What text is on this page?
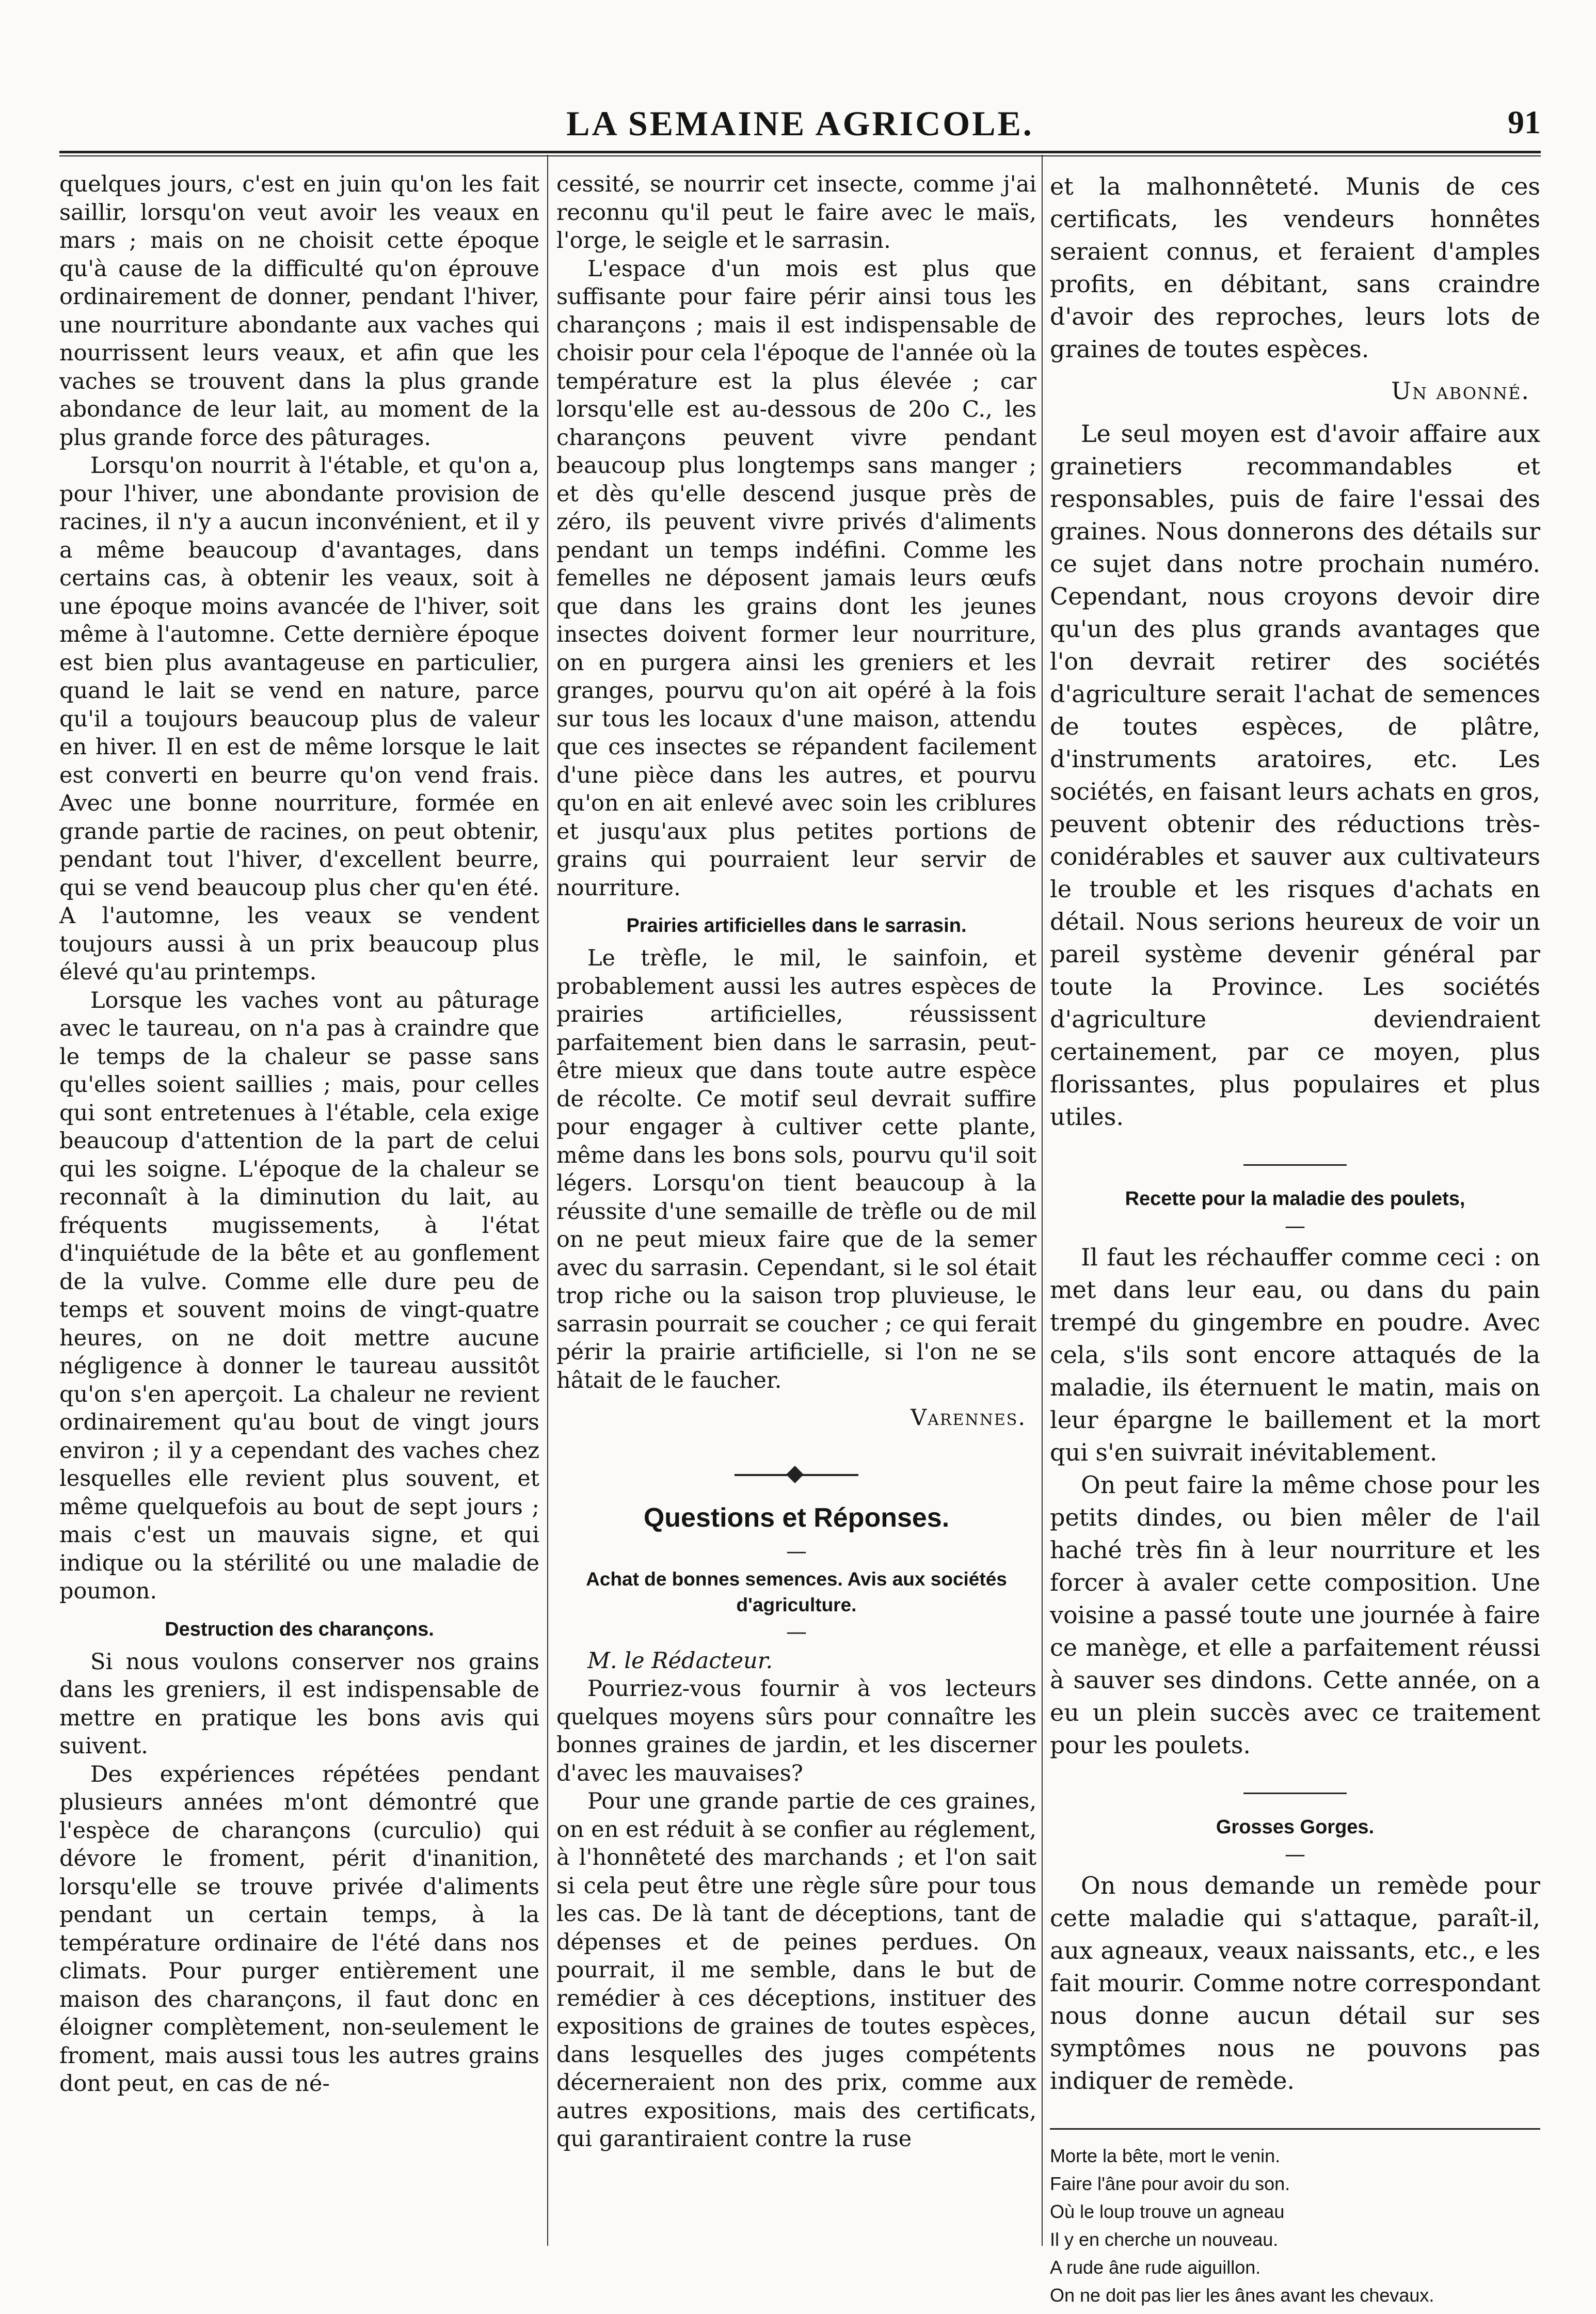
LA SEMAINE AGRICOLE.	91

quelques jours, c'est en juin qu'on les fait saillir, lorsqu'on veut avoir les veaux en mars ; mais on ne choisit cette époque qu'à cause de la difficulté qu'on éprouve ordinairement de donner, pendant l'hiver, une nourriture abondante aux vaches qui nourrissent leurs veaux, et afin que les vaches se trouvent dans la plus grande abondance de leur lait, au moment de la plus grande force des pâturages.

Lorsqu'on nourrit à l'étable, et qu'on a, pour l'hiver, une abondante provision de racines, il n'y a aucun inconvénient, et il y a même beaucoup d'avantages, dans certains cas, à obtenir les veaux, soit à une époque moins avancée de l'hiver, soit même à l'automne. Cette dernière époque est bien plus avantageuse en particulier, quand le lait se vend en nature, parce qu'il a toujours beaucoup plus de valeur en hiver. Il en est de même lorsque le lait est converti en beurre qu'on vend frais. Avec une bonne nourriture, formée en grande partie de racines, on peut obtenir, pendant tout l'hiver, d'excellent beurre, qui se vend beaucoup plus cher qu'en été. A l'automne, les veaux se vendent toujours aussi à un prix beaucoup plus élevé qu'au printemps.

Lorsque les vaches vont au pâturage avec le taureau, on n'a pas à craindre que le temps de la chaleur se passe sans qu'elles soient saillies ; mais, pour celles qui sont entretenues à l'étable, cela exige beaucoup d'attention de la part de celui qui les soigne. L'époque de la chaleur se reconnaît à la diminution du lait, au fréquents mugissements, à l'état d'inquiétude de la bête et au gonflement de la vulve. Comme elle dure peu de temps et souvent moins de vingt-quatre heures, on ne doit mettre aucune négligence à donner le taureau aussitôt qu'on s'en aperçoit. La chaleur ne revient ordinairement qu'au bout de vingt jours environ ; il y a cependant des vaches chez lesquelles elle revient plus souvent, et même quelquefois au bout de sept jours ; mais c'est un mauvais signe, et qui indique ou la stérilité ou une maladie de poumon.

Destruction des charançons.

Si nous voulons conserver nos grains dans les greniers, il est indispensable de mettre en pratique les bons avis qui suivent.

Des expériences répétées pendant plusieurs années m'ont démontré que l'espèce de charançons (curculio) qui dévore le froment, périt d'inanition, lorsqu'elle se trouve privée d'aliments pendant un certain temps, à la température ordinaire de l'été dans nos climats. Pour purger entièrement une maison des charançons, il faut donc en éloigner complètement, non-seulement le froment, mais aussi tous les autres grains dont peut, en cas de né-

cessité, se nourrir cet insecte, comme j'ai reconnu qu'il peut le faire avec le maïs, l'orge, le seigle et le sarrasin.

L'espace d'un mois est plus que suffisante pour faire périr ainsi tous les charançons ; mais il est indispensable de choisir pour cela l'époque de l'année où la température est la plus élevée ; car lorsqu'elle est au-dessous de 20o C., les charançons peuvent vivre pendant beaucoup plus longtemps sans manger ; et dès qu'elle descend jusque près de zéro, ils peuvent vivre privés d'aliments pendant un temps indéfini. Comme les femelles ne déposent jamais leurs œufs que dans les grains dont les jeunes insectes doivent former leur nourriture, on en purgera ainsi les greniers et les granges, pourvu qu'on ait opéré à la fois sur tous les locaux d'une maison, attendu que ces insectes se répandent facilement d'une pièce dans les autres, et pourvu qu'on en ait enlevé avec soin les criblures et jusqu'aux plus petites portions de grains qui pourraient leur servir de nourriture.

Prairies artificielles dans le sarrasin.

Le trèfle, le mil, le sainfoin, et probablement aussi les autres espèces de prairies artificielles, réussissent parfaitement bien dans le sarrasin, peut-être mieux que dans toute autre espèce de récolte. Ce motif seul devrait suffire pour engager à cultiver cette plante, même dans les bons sols, pourvu qu'il soit légers. Lorsqu'on tient beaucoup à la réussite d'une semaille de trèfle ou de mil on ne peut mieux faire que de la semer avec du sarrasin. Cependant, si le sol était trop riche ou la saison trop pluvieuse, le sarrasin pourrait se coucher ; ce qui ferait périr la prairie artificielle, si l'on ne se hâtait de le faucher.

Varennes.
Questions et Réponses.
—
Achat de bonnes semences. Avis aux sociétés d'agriculture.
—

M. le Rédacteur.

Pourriez-vous fournir à vos lecteurs quelques moyens sûrs pour connaître les bonnes graines de jardin, et les discerner d'avec les mauvaises?

Pour une grande partie de ces graines, on en est réduit à se confier au réglement, à l'honnêteté des marchands ; et l'on sait si cela peut être une règle sûre pour tous les cas. De là tant de déceptions, tant de dépenses et de peines perdues. On pourrait, il me semble, dans le but de remédier à ces déceptions, instituer des expositions de graines de toutes espèces, dans lesquelles des juges compétents décerneraient non des prix, comme aux autres expositions, mais des certificats, qui garantiraient contre la ruse

et la malhonnêteté. Munis de ces certificats, les vendeurs honnêtes seraient connus, et feraient d'amples profits, en débitant, sans craindre d'avoir des reproches, leurs lots de graines de toutes espèces.

Un abonné.

Le seul moyen est d'avoir affaire aux grainetiers recommandables et responsables, puis de faire l'essai des graines. Nous donnerons des détails sur ce sujet dans notre prochain numéro. Cependant, nous croyons devoir dire qu'un des plus grands avantages que l'on devrait retirer des sociétés d'agriculture serait l'achat de semences de toutes espèces, de plâtre, d'instruments aratoires, etc. Les sociétés, en faisant leurs achats en gros, peuvent obtenir des réductions très-conidérables et sauver aux cultivateurs le trouble et les risques d'achats en détail. Nous serions heureux de voir un pareil système devenir général par toute la Province. Les sociétés d'agriculture deviendraient certainement, par ce moyen, plus florissantes, plus populaires et plus utiles.

Recette pour la maladie des poulets,
—

Il faut les réchauffer comme ceci : on met dans leur eau, ou dans du pain trempé du gingembre en poudre. Avec cela, s'ils sont encore attaqués de la maladie, ils éternuent le matin, mais on leur épargne le baillement et la mort qui s'en suivrait inévitablement.

On peut faire la même chose pour les petits dindes, ou bien mêler de l'ail haché très fin à leur nourriture et les forcer à avaler cette composition. Une voisine a passé toute une journée à faire ce manège, et elle a parfaitement réussi à sauver ses dindons. Cette année, on a eu un plein succès avec ce traitement pour les poulets.

Grosses Gorges.
—

On nous demande un remède pour cette maladie qui s'attaque, paraît-il, aux agneaux, veaux naissants, etc., e les fait mourir. Comme notre correspondant nous donne aucun détail sur ses symptômes nous ne pouvons pas indiquer de remède.

Morte la bête, mort le venin.
Faire l'âne pour avoir du son.
Où le loup trouve un agneau
Il y en cherche un nouveau.
A rude âne rude aiguillon.
On ne doit pas lier les ânes avant les chevaux.
